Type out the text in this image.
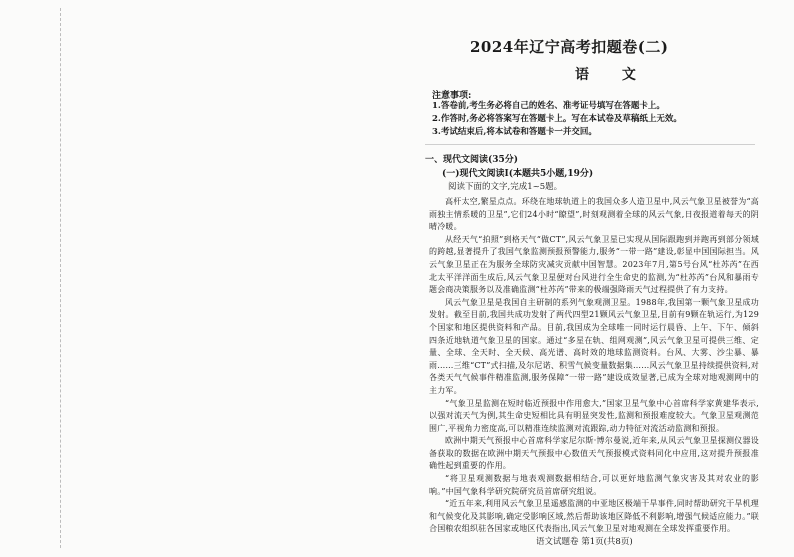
2024年辽宁高考扣题卷(二)
语 文
注意事项:
1.答卷前,考生务必将自己的姓名、准考证号填写在答题卡上。
2.作答时,务必将答案写在答题卡上。写在本试卷及草稿纸上无效。
3.考试结束后,将本试卷和答题卡一并交回。
一、现代文阅读(35分)
(一)现代文阅读Ⅰ(本题共5小题,19分)
阅读下面的文字,完成1~5题。

高杆太空,繁星点点。环绕在地球轨道上的我国众多人造卫星中,风云气象卫星被誉为“高雨独主情系暖的卫星”,它们24小时“瞭望”,时刻观测着全球的风云气象,日夜报道着每天的阴晴冷暖。

从经天气“拍照”到格天气“做CT”,风云气象卫星已实现从国际跟跑到并跑再到部分领域的跨越,显著提升了我国气象监测预报预警能力,服务“一带一路”建设,彰显中国国际担当。风云气象卫星正在为服务全球防灾减灾贡献中国智慧。2023年7月,第5号台风“杜苏芮”在西北太平洋洋面生成后,风云气象卫星便对台风进行全生命史的监测,为“杜苏芮”台风和暴雨专题会商决策服务以及准确监测“杜苏芮”带来的极端强降雨天气过程提供了有力支持。

风云气象卫星是我国自主研制的系列气象观测卫星。1988年,我国第一颗气象卫星成功发射。截至目前,我国共成功发射了两代四型21颗风云气象卫星,目前有9颗在轨运行,为129个国家和地区提供资料和产品。目前,我国成为全球唯一同时运行晨昏、上午、下午、倾斜四条近地轨道气象卫星的国家。通过“多星在轨、组网观测”,风云气象卫星可提供三维、定量、全球、全天时、全天候、高光谱、高时效的地球监测资料。台风、大雾、沙尘暴、暴雨……三维“CT”式扫描,及尔尼诺、积雪气候变量数据集……风云气象卫星持续提供资料,对各类天气气候事件精准监测,服务保障“一带一路”建设成效显著,已成为全球对地观测网中的主力军。

“气象卫星监测在短时临近预报中作用愈大,”国家卫星气象中心首席科学家黄建华表示,以强对流天气为例,其生命史短相比具有明显突发性,监测和预报难度较大。气象卫星观测范围广,平视角力密度高,可以精准连续监测对流跟踪,动力特征对流活动监测和预报。

欧洲中期天气预报中心首席科学家尼尔斯·博尔曼说,近年来,从风云气象卫星探测仪器设备获取的数据在欧洲中期天气预报中心数值天气预报模式资料同化中应用,这对提升预报准确性起到重要的作用。

“将卫星观测数据与地表观测数据相结合,可以更好地监测气象灾害及其对农业的影响。”中国气象科学研究院研究员首席研究组说。

“近五年来,利用风云气象卫星遥感监测的中亚地区极端干旱事件,同时帮助研究干旱机理和气候变化及其影响,确定受影响区域,然后帮助该地区降低不利影响,增强气候适应能力。”联合国粮农组织驻各国家或地区代表指出,风云气象卫星对地观测在全球发挥重要作用。

语文试题卷 第1页(共8页)
